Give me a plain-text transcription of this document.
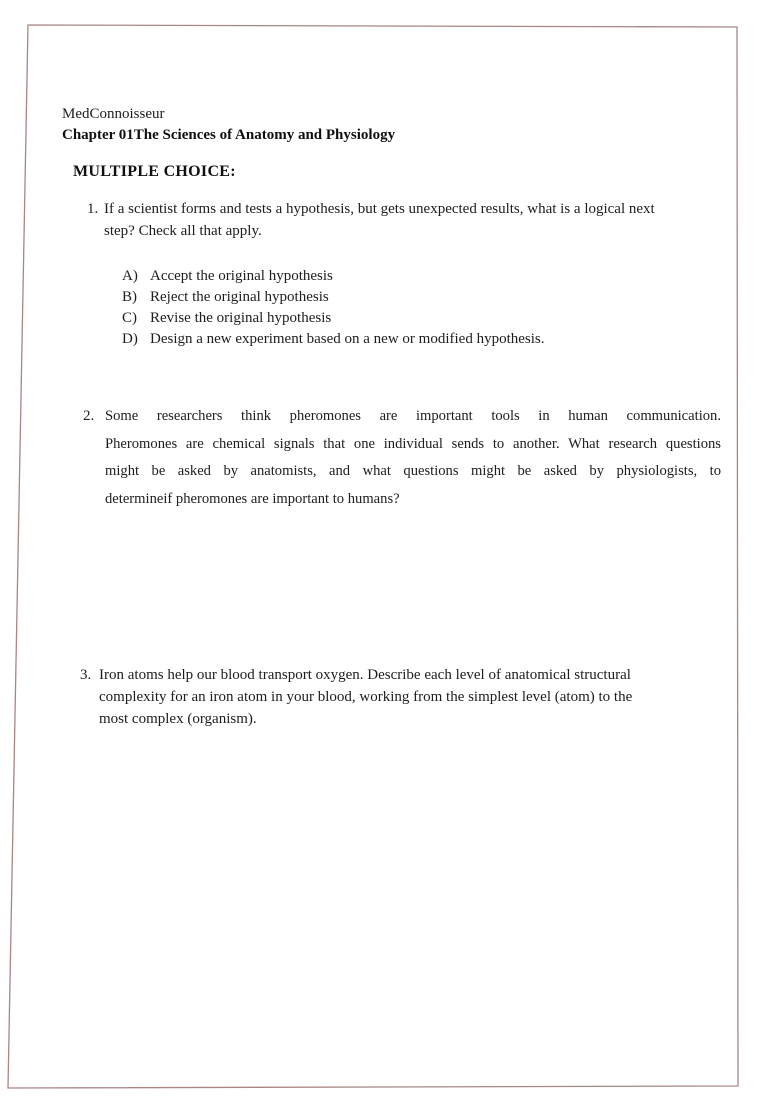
MedConnoisseur
Chapter 01The Sciences of Anatomy and Physiology
MULTIPLE CHOICE:
1. If a scientist forms and tests a hypothesis, but gets unexpected results, what is a logical next
step? Check all that apply.
A) Accept the original hypothesis
B) Reject the original hypothesis
C) Revise the original hypothesis
D) Design a new experiment based on a new or modified hypothesis.
2. Some researchers think pheromones are important tools in human communication.
Pheromones are chemical signals that one individual sends to another. What research questions
might be asked by anatomists, and what questions might be asked by physiologists, to
determineif pheromones are important to humans?
3. Iron atoms help our blood transport oxygen. Describe each level of anatomical structural
complexity for an iron atom in your blood, working from the simplest level (atom) to the
most complex (organism).
